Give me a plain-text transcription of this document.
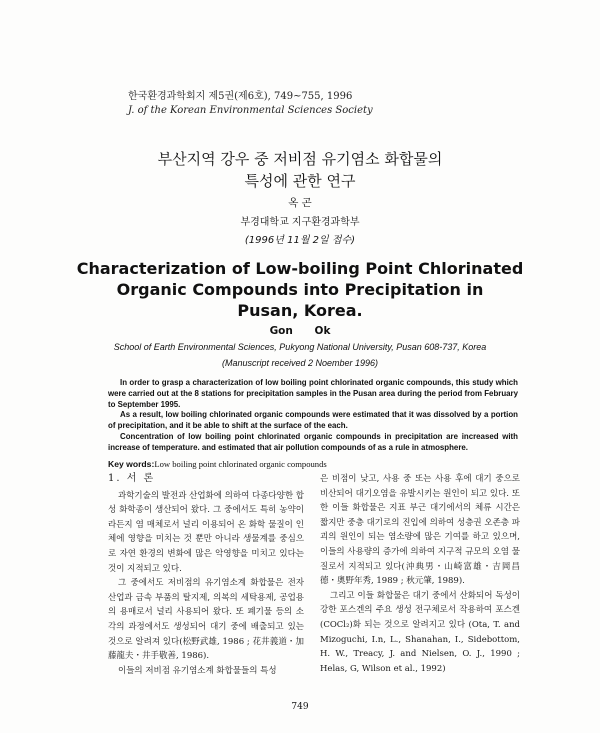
한국환경과학회지 제5권(제6호), 749~755, 1996
J. of the Korean Environmental Sciences Society
부산지역 강우 중 저비점 유기염소 화합물의
특성에 관한 연구
옥 곤
부경대학교 지구환경과학부
(1996년 11월 2일 접수)
Characterization of Low-boiling Point Chlorinated
Organic Compounds into Precipitation in
Pusan, Korea.
Gon Ok
School of Earth Environmental Sciences, Pukyong National University, Pusan 608-737, Korea
(Manuscript received 2 Noember 1996)

In order to grasp a characterization of low boiling point chlorinated organic compounds, this study which were carried out at the 8 stations for precipitation samples in the Pusan area during the period from February to September 1995.

As a result, low boiling chlorinated organic compounds were estimated that it was dissolved by a portion of precipitation, and it be able to shift at the surface of the each.

Concentration of low boiling point chlorinated organic compounds in precipitation are increased with increase of temperature. and estimated that air pollution compounds of as a rule in atmosphere.

Key words:Low boiling point chlorinated organic compounds
1. 서 론

과학기술의 발전과 산업화에 의하여 다종다양한 합성 화학종이 생산되어 왔다. 그 중에서도 특히 농약이라든지 염 매체로서 널리 이용되어 온 화학 물질이 인체에 영향을 미치는 것 뿐만 아니라 생물계를 중심으로 자연 환경의 변화에 많은 악영향을 미치고 있다는 것이 지적되고 있다.

그 중에서도 저비점의 유기염소계 화합물은 전자 산업과 금속 부품의 탈지제, 의복의 세탁용제, 공업용의 용매로서 널리 사용되어 왔다. 또 폐기물 등의 소각의 과정에서도 생성되어 대기 중에 배출되고 있는 것으로 알려져 있다(松野武雄, 1986 ; 花井義道・加藤龍夫・井手敬善, 1986).

이들의 저비점 유기염소계 화합물들의 특성

은 비점이 낮고, 사용 중 또는 사용 후에 대기 중으로 비산되어 대기오염을 유발시키는 원인이 되고 있다. 또한 이들 화합물은 지표 부근 대기에서의 체류 시간은 짧지만 중층 대기로의 진입에 의하여 성층권 오존층 파괴의 원인이 되는 염소량에 많은 기여를 하고 있으며, 이들의 사용량의 증가에 의하여 지구적 규모의 오염 물질로서 지적되고 있다(沖典男・山崎富雄・吉岡昌德・奧野年秀, 1989 ; 秋元肇, 1989).

그리고 이들 화합물은 대기 중에서 산화되어 독성이 강한 포스겐의 주요 생성 전구체로서 작용하여 포스겐(COCl₂)화 되는 것으로 알려지고 있다 (Ota, T. and Mizoguchi, I.n, L., Shanahan, I., Sidebottom, H. W., Treacy, J. and Nielsen, O. J., 1990 ; Helas, G, Wilson et al., 1992)

749
